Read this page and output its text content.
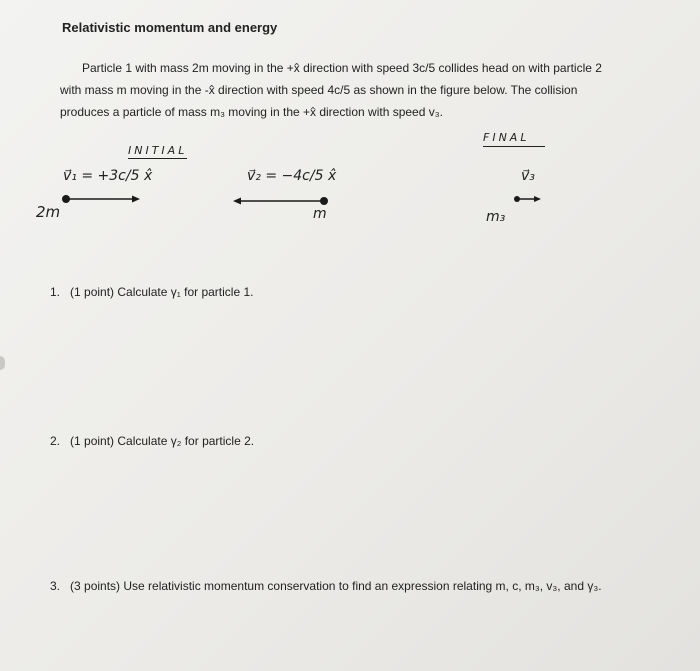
Relativistic momentum and energy

Particle 1 with mass 2m moving in the +x̂ direction with speed 3c/5 collides head on with particle 2

with mass m moving in the -x̂ direction with speed 4c/5 as shown in the figure below. The collision

produces a particle of mass m₃ moving in the +x̂ direction with speed v₃.

INITIAL
FINAL
v⃗₁ = +3c/5 x̂	v⃗₂ = −4c/5 x̂	v⃗₃
2m	m	m₃
1. (1 point) Calculate γ₁ for particle 1.
2. (1 point) Calculate γ₂ for particle 2.
3. (3 points) Use relativistic momentum conservation to find an expression relating m, c, m₃, v₃, and γ₃.
